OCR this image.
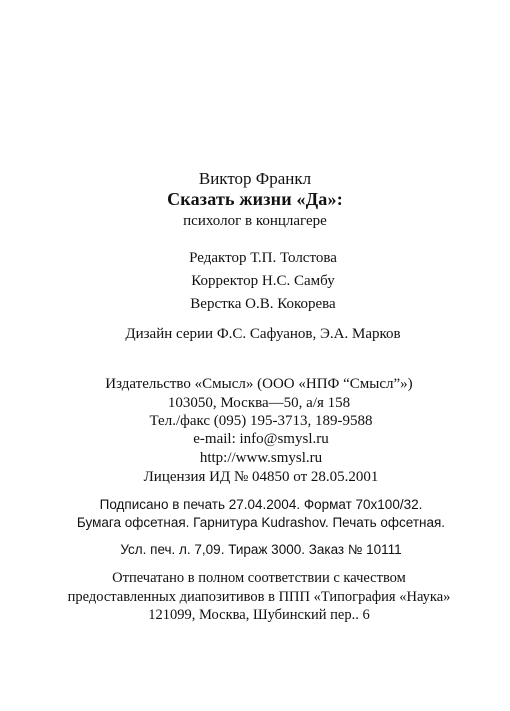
Виктор Франкл
Сказать жизни «Да»:
психолог в концлагере
Редактор Т.П. Толстова
Корректор Н.С. Самбу
Верстка О.В. Кокорева
Дизайн серии Ф.С. Сафуанов, Э.А. Марков
Издательство «Смысл» (ООО «НПФ “Смысл”»)
103050, Москва—50, а/я 158
Тел./факс (095) 195-3713, 189-9588
e-mail: info@smysl.ru
http://www.smysl.ru
Лицензия ИД № 04850 от 28.05.2001
Подписано в печать 27.04.2004. Формат 70x100/32.
Бумага офсетная. Гарнитура Kudrashov. Печать офсетная.
Усл. печ. л. 7,09. Тираж 3000. Заказ № 10111
Отпечатано в полном соответствии с качеством
предоставленных диапозитивов в ППП «Типография «Наука»
121099, Москва, Шубинский пер.. 6
